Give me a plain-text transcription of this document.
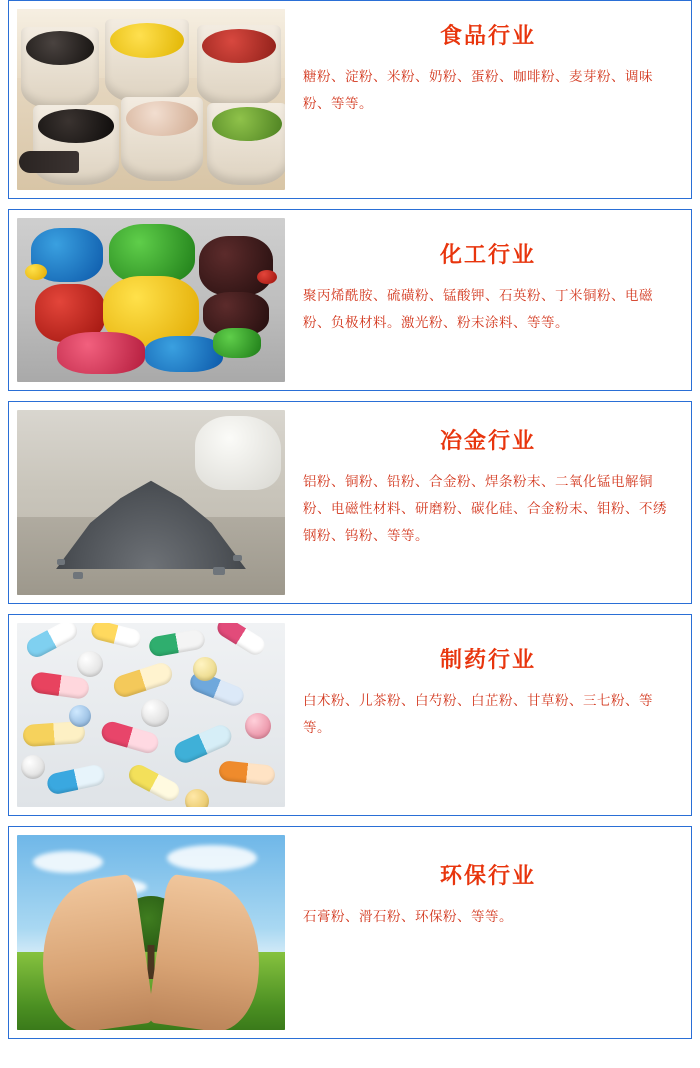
食品行业
糖粉、淀粉、米粉、奶粉、蛋粉、咖啡粉、麦芽粉、调味粉、等等。
化工行业
聚丙烯酰胺、硫磺粉、锰酸钾、石英粉、丁米铜粉、电磁粉、负极材料。激光粉、粉末涂料、等等。
冶金行业
铝粉、铜粉、铅粉、合金粉、焊条粉末、二氧化锰电解铜粉、电磁性材料、研磨粉、碳化硅、合金粉末、钼粉、不绣钢粉、钨粉、等等。
制药行业
白术粉、儿茶粉、白芍粉、白芷粉、甘草粉、三七粉、等等。
环保行业
石膏粉、滑石粉、环保粉、等等。
